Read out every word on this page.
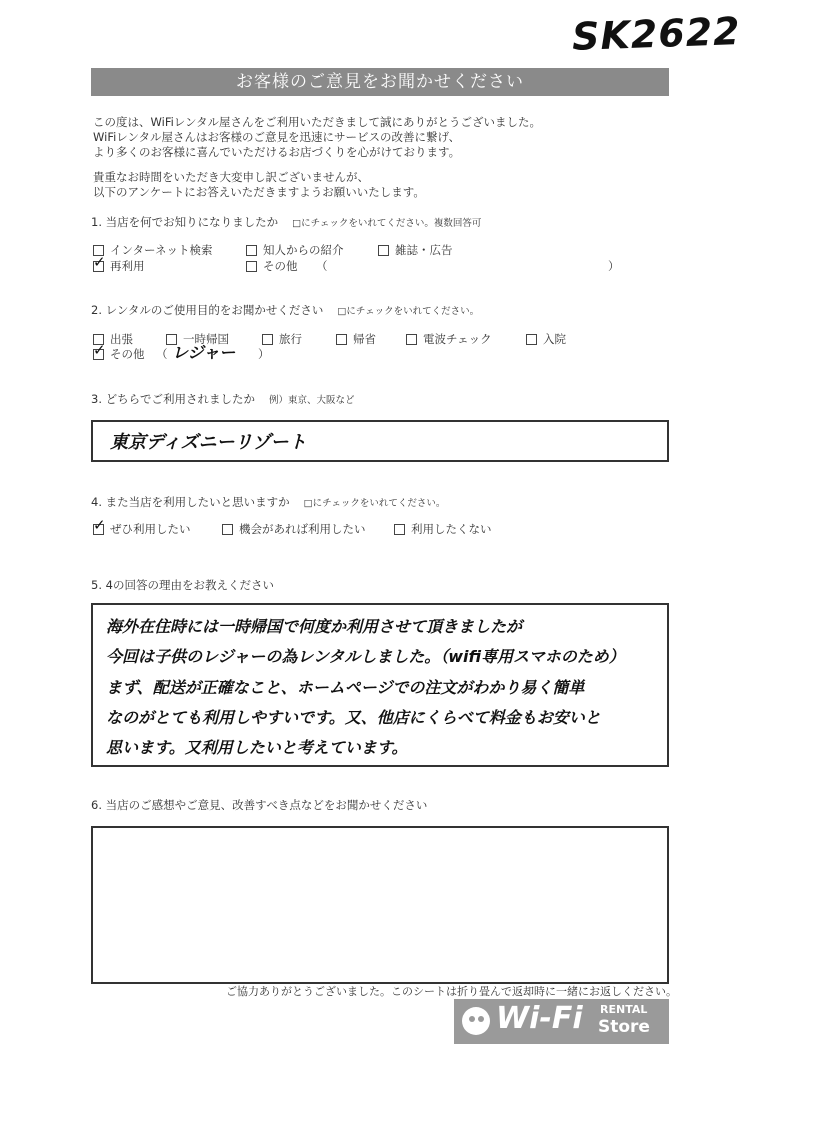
SK2622
お客様のご意見をお聞かせください
この度は、WiFiレンタル屋さんをご利用いただきまして誠にありがとうございました。
WiFiレンタル屋さんはお客様のご意見を迅速にサービスの改善に繋げ、
より多くのお客様に喜んでいただけるお店づくりを心がけております。
貴重なお時間をいただき大変申し訳ございませんが、
以下のアンケートにお答えいただきますようお願いいたします。
1. 当店を何でお知りになりましたか □にチェックをいれてください。複数回答可
インターネット検索	知人からの紹介	雑誌・広告
✓
再利用	その他 （	）
2. レンタルのご使用目的をお聞かせください □にチェックをいれてください。
出張	一時帰国	旅行	帰省	電波チェック	入院
✓
その他 （ レジャー ）
3. どちらでご利用されましたか 例）東京、大阪など
東京ディズニーリゾート
4. また当店を利用したいと思いますか □にチェックをいれてください。
✓
ぜひ利用したい	機会があれば利用したい	利用したくない
5. 4の回答の理由をお教えください
海外在住時には一時帰国で何度か利用させて頂きましたが
今回は子供のレジャーの為レンタルしました。（wifi専用スマホのため）
まず、配送が正確なこと、ホームページでの注文がわかり易く簡単
なのがとても利用しやすいです。又、他店にくらべて料金もお安いと
思います。又利用したいと考えています。
6. 当店のご感想やご意見、改善すべき点などをお聞かせください
ご協力ありがとうございました。このシートは折り畳んで返却時に一緒にお返しください。
Wi-Fi RENTAL
Store
